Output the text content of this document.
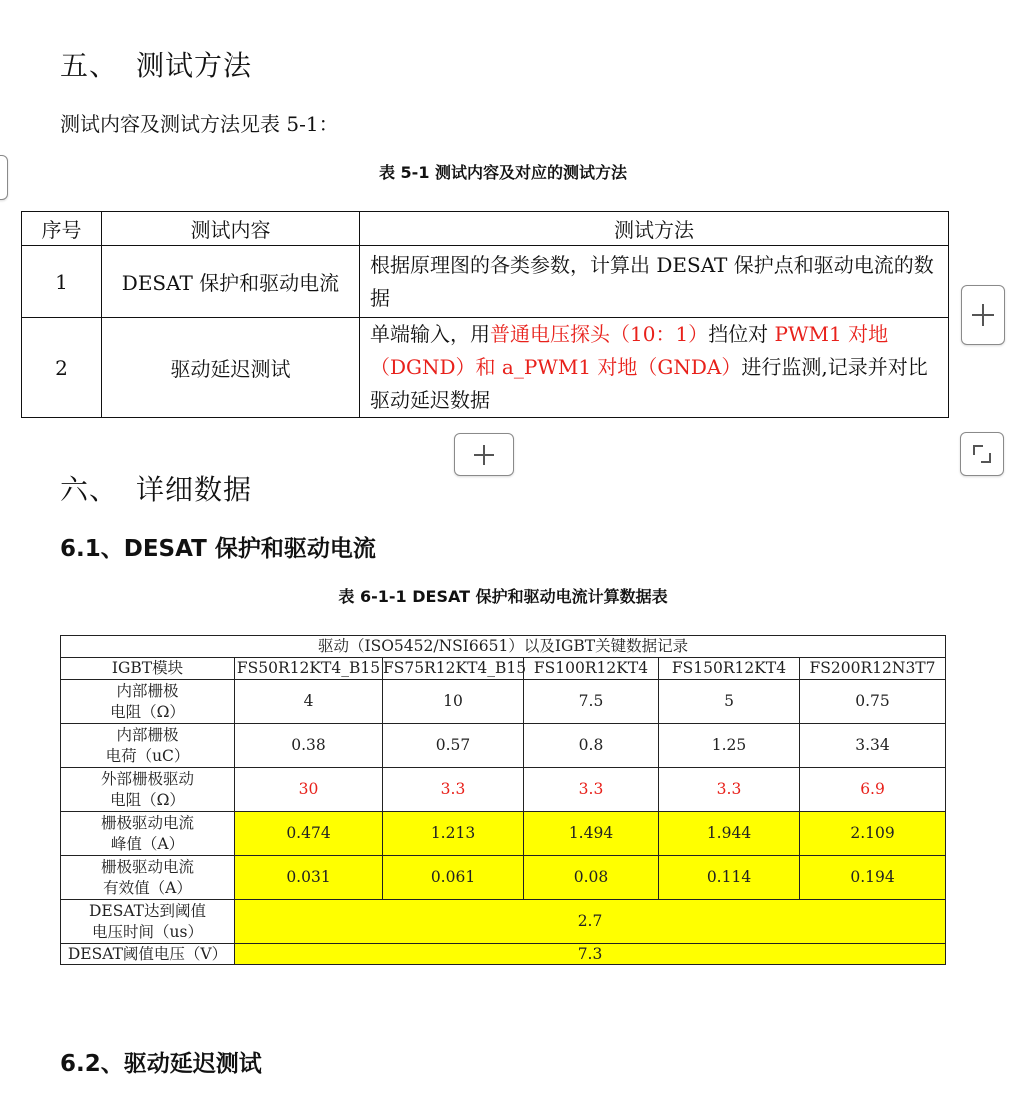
五、 测试方法
测试内容及测试方法见表 5-1：
表 5-1 测试内容及对应的测试方法
序号	测试内容	测试方法
1	DESAT 保护和驱动电流	根据原理图的各类参数，计算出 DESAT 保护点和驱动电流的数据
2	驱动延迟测试	单端输入，用普通电压探头（10：1）挡位对 PWM1 对地（DGND）和 a_PWM1 对地（GNDA）进行监测,记录并对比驱动延迟数据
六、 详细数据
6.1、DESAT 保护和驱动电流
表 6-1-1 DESAT 保护和驱动电流计算数据表
驱动（ISO5452/NSI6651）以及IGBT关键数据记录					
IGBT模块	FS50R12KT4_B15	FS75R12KT4_B15	FS100R12KT4	FS150R12KT4	FS200R12N3T7
内部栅极
电阻（Ω）	4	10	7.5	5	0.75
内部栅极
电荷（uC）	0.38	0.57	0.8	1.25	3.34
外部栅极驱动
电阻（Ω）	30	3.3	3.3	3.3	6.9
栅极驱动电流
峰值（A）	0.474	1.213	1.494	1.944	2.109
栅极驱动电流
有效值（A）	0.031	0.061	0.08	0.114	0.194
DESAT达到阈值
电压时间（us）	2.7				
DESAT阈值电压（V）	7.3				
6.2、驱动延迟测试
